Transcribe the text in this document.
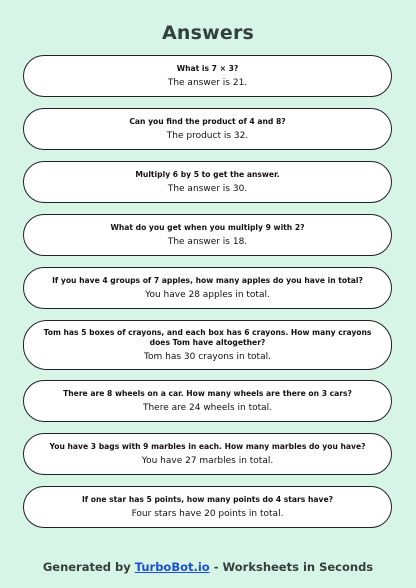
Answers
What is 7 × 3?
The answer is 21.
Can you find the product of 4 and 8?
The product is 32.
Multiply 6 by 5 to get the answer.
The answer is 30.
What do you get when you multiply 9 with 2?
The answer is 18.
If you have 4 groups of 7 apples, how many apples do you have in total?
You have 28 apples in total.
Tom has 5 boxes of crayons, and each box has 6 crayons. How many crayons does Tom have altogether?
Tom has 30 crayons in total.
There are 8 wheels on a car. How many wheels are there on 3 cars?
There are 24 wheels in total.
You have 3 bags with 9 marbles in each. How many marbles do you have?
You have 27 marbles in total.
If one star has 5 points, how many points do 4 stars have?
Four stars have 20 points in total.
Generated by TurboBot.io - Worksheets in Seconds
